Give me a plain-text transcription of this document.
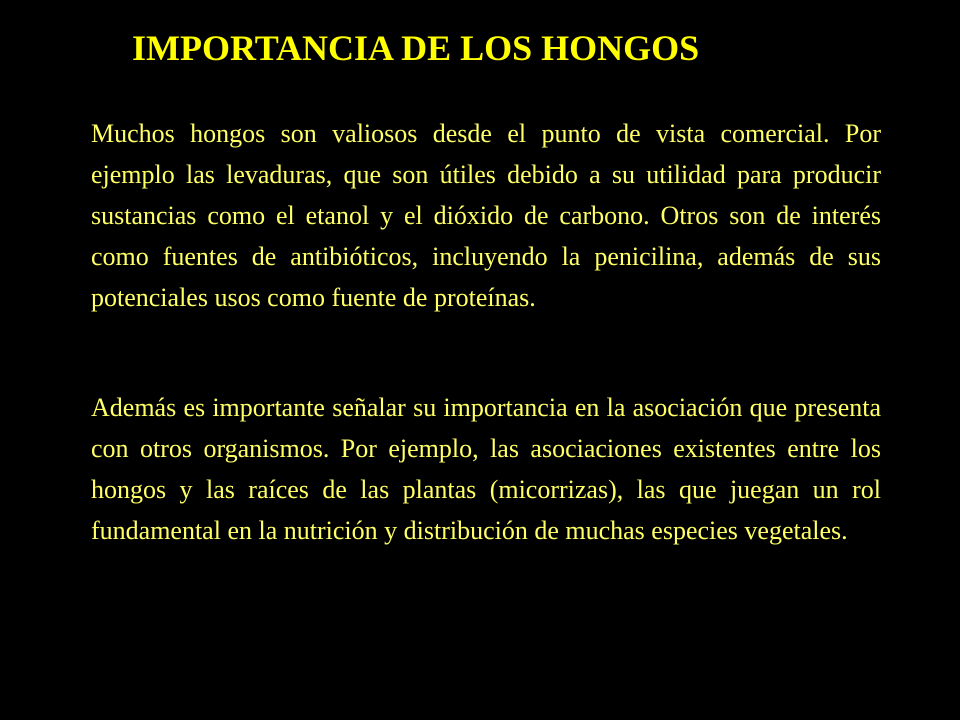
IMPORTANCIA DE LOS HONGOS

Muchos hongos son valiosos desde el punto de vista comercial. Por ejemplo las levaduras, que son útiles debido a su utilidad para producir sustancias como el etanol y el dióxido de carbono. Otros son de interés como fuentes de antibióticos, incluyendo la penicilina, además de sus potenciales usos como fuente de proteínas.

Además es importante señalar su importancia en la asociación que presenta con otros organismos. Por ejemplo, las asociaciones existentes entre los hongos y las raíces de las plantas (micorrizas), las que juegan un rol fundamental en la nutrición y distribución de muchas especies vegetales.
